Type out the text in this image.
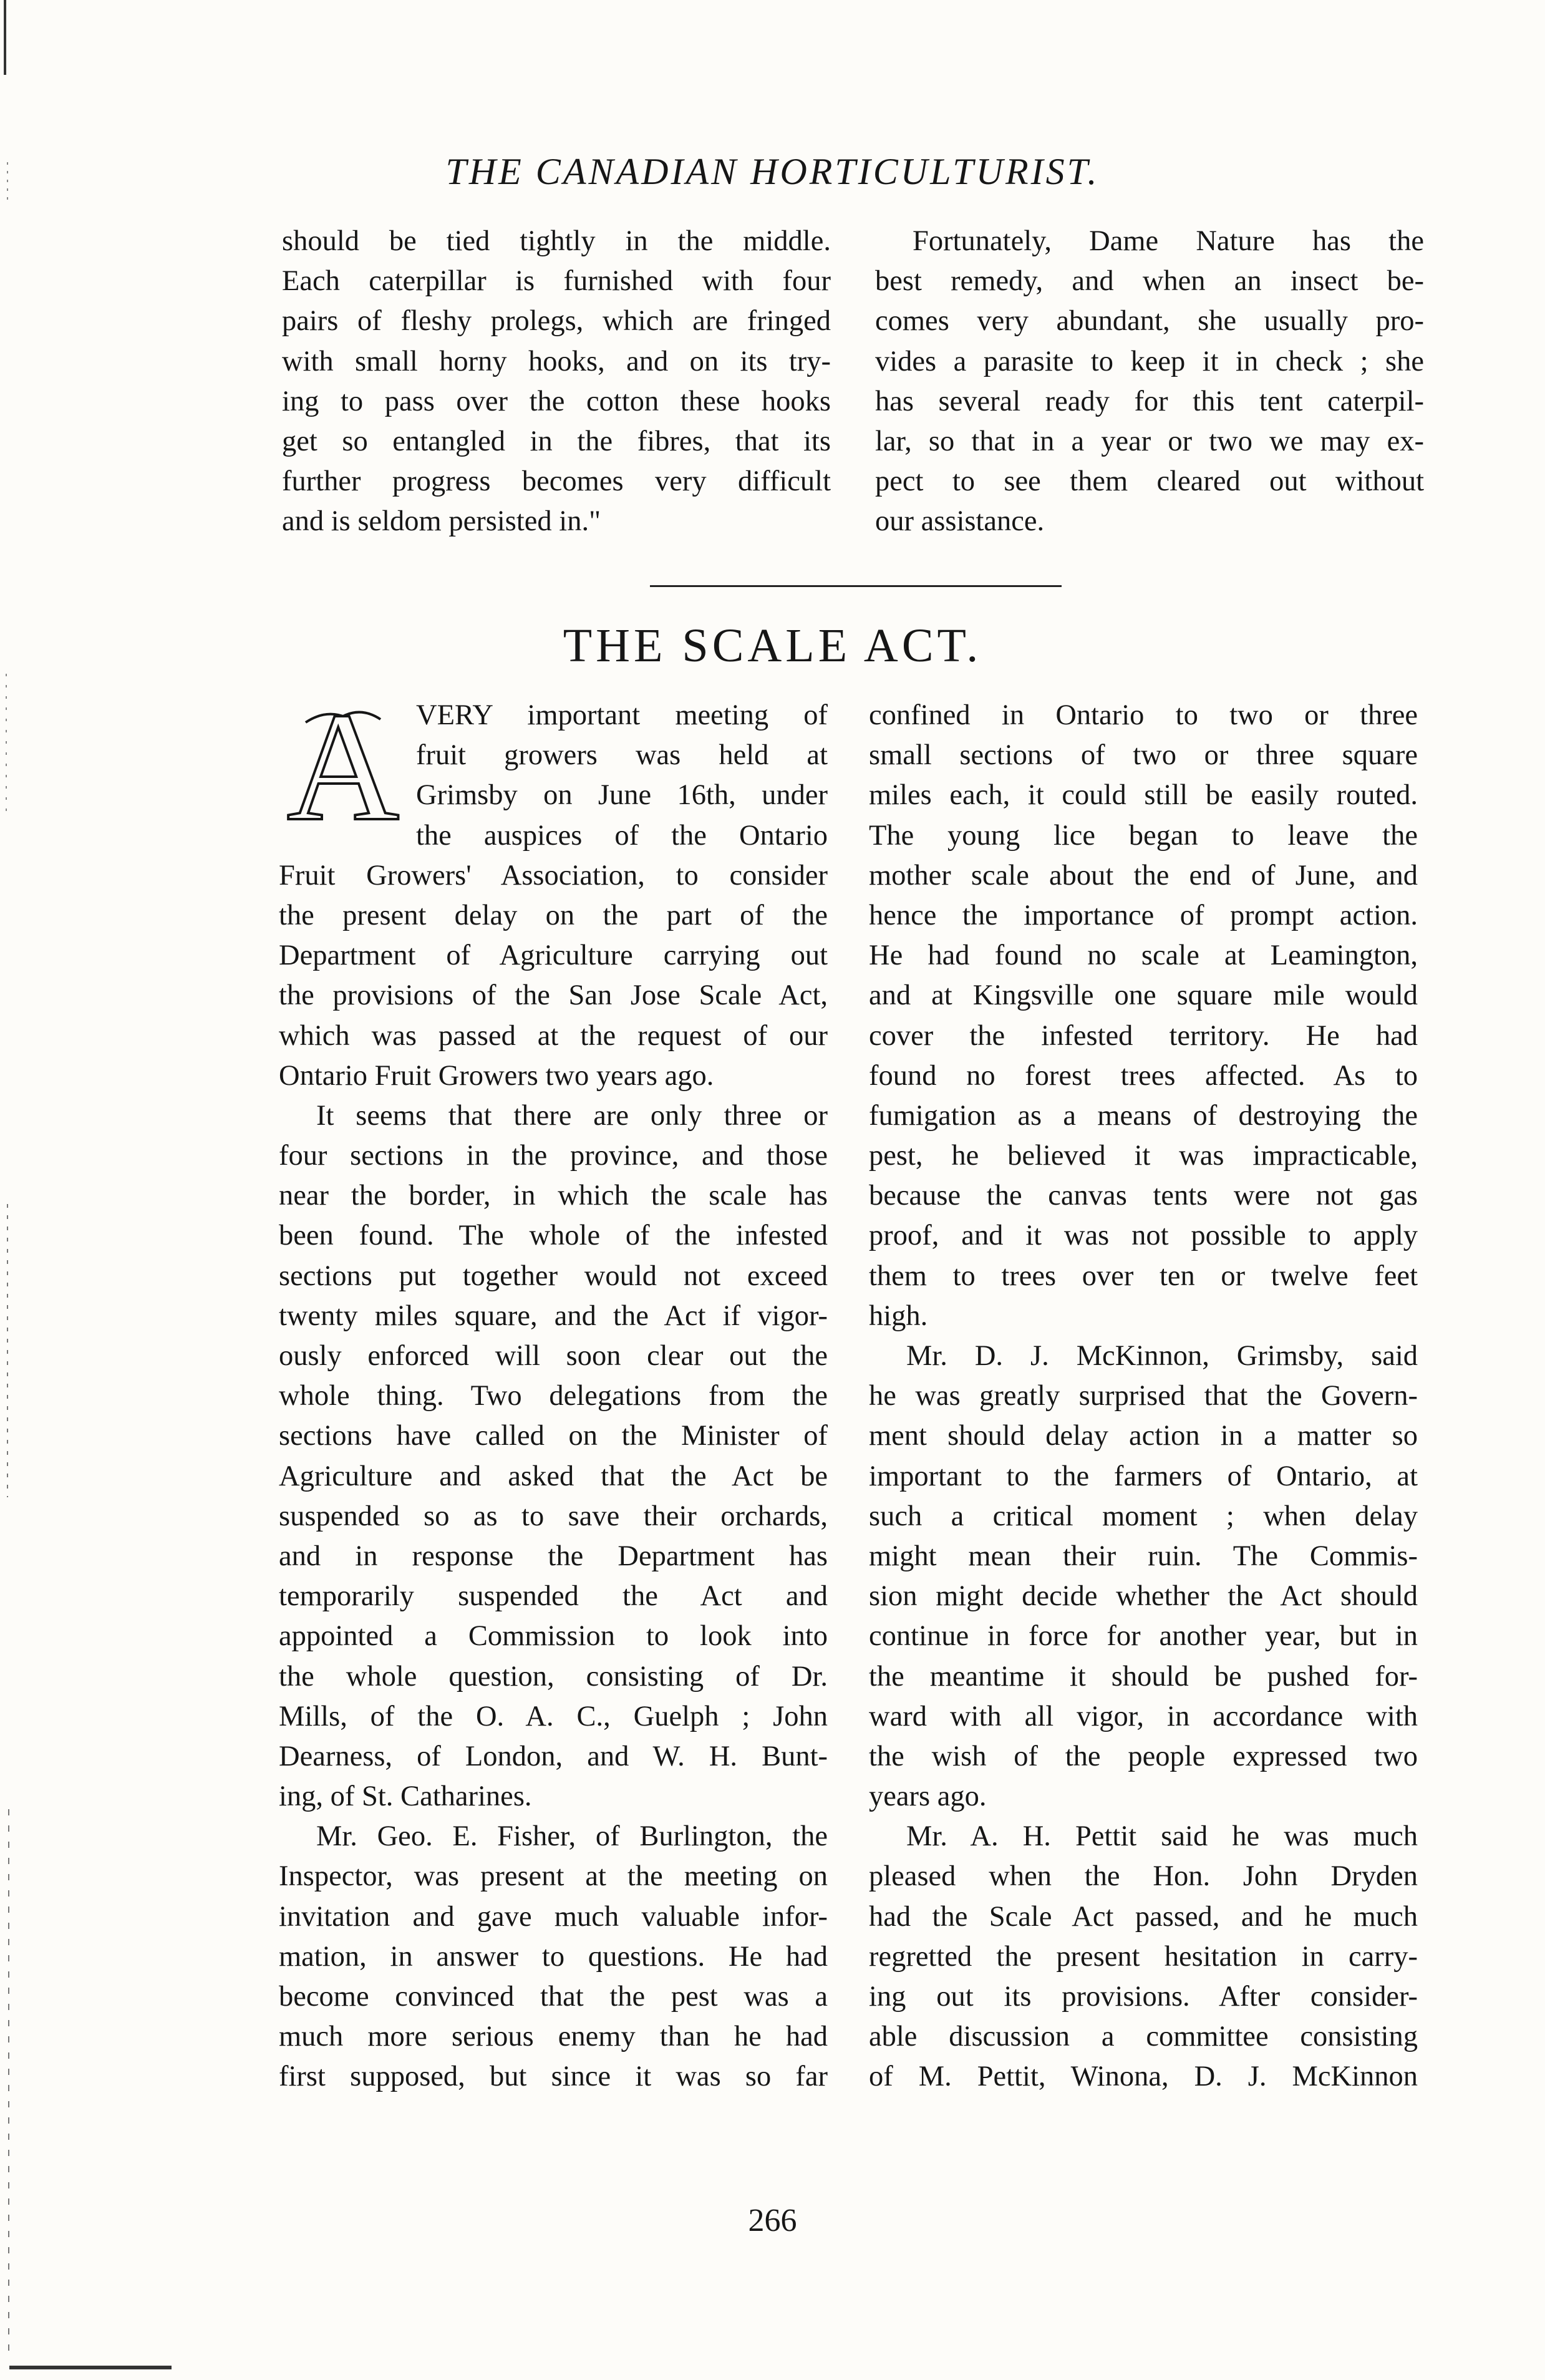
THE CANADIAN HORTICULTURIST.
should be tied tightly in the middle.
Each caterpillar is furnished with four
pairs of fleshy prolegs, which are fringed
with small horny hooks, and on its try-
ing to pass over the cotton these hooks
get so entangled in the fibres, that its
further progress becomes very difficult
and is seldom persisted in."
Fortunately, Dame Nature has the
best remedy, and when an insect be-
comes very abundant, she usually pro-
vides a parasite to keep it in check ; she
has several ready for this tent caterpil-
lar, so that in a year or two we may ex-
pect to see them cleared out without
our assistance.
THE SCALE ACT.
A VERY important meeting of
fruit growers was held at
Grimsby on June 16th, under
the auspices of the Ontario
Fruit Growers' Association, to consider
the present delay on the part of the
Department of Agriculture carrying out
the provisions of the San Jose Scale Act,
which was passed at the request of our
Ontario Fruit Growers two years ago.
It seems that there are only three or
four sections in the province, and those
near the border, in which the scale has
been found. The whole of the infested
sections put together would not exceed
twenty miles square, and the Act if vigor-
ously enforced will soon clear out the
whole thing. Two delegations from the
sections have called on the Minister of
Agriculture and asked that the Act be
suspended so as to save their orchards,
and in response the Department has
temporarily suspended the Act and
appointed a Commission to look into
the whole question, consisting of Dr.
Mills, of the O. A. C., Guelph ; John
Dearness, of London, and W. H. Bunt-
ing, of St. Catharines.
Mr. Geo. E. Fisher, of Burlington, the
Inspector, was present at the meeting on
invitation and gave much valuable infor-
mation, in answer to questions. He had
become convinced that the pest was a
much more serious enemy than he had
first supposed, but since it was so far
confined in Ontario to two or three
small sections of two or three square
miles each, it could still be easily routed.
The young lice began to leave the
mother scale about the end of June, and
hence the importance of prompt action.
He had found no scale at Leamington,
and at Kingsville one square mile would
cover the infested territory. He had
found no forest trees affected. As to
fumigation as a means of destroying the
pest, he believed it was impracticable,
because the canvas tents were not gas
proof, and it was not possible to apply
them to trees over ten or twelve feet
high.
Mr. D. J. McKinnon, Grimsby, said
he was greatly surprised that the Govern-
ment should delay action in a matter so
important to the farmers of Ontario, at
such a critical moment ; when delay
might mean their ruin. The Commis-
sion might decide whether the Act should
continue in force for another year, but in
the meantime it should be pushed for-
ward with all vigor, in accordance with
the wish of the people expressed two
years ago.
Mr. A. H. Pettit said he was much
pleased when the Hon. John Dryden
had the Scale Act passed, and he much
regretted the present hesitation in carry-
ing out its provisions. After consider-
able discussion a committee consisting
of M. Pettit, Winona, D. J. McKinnon
266
